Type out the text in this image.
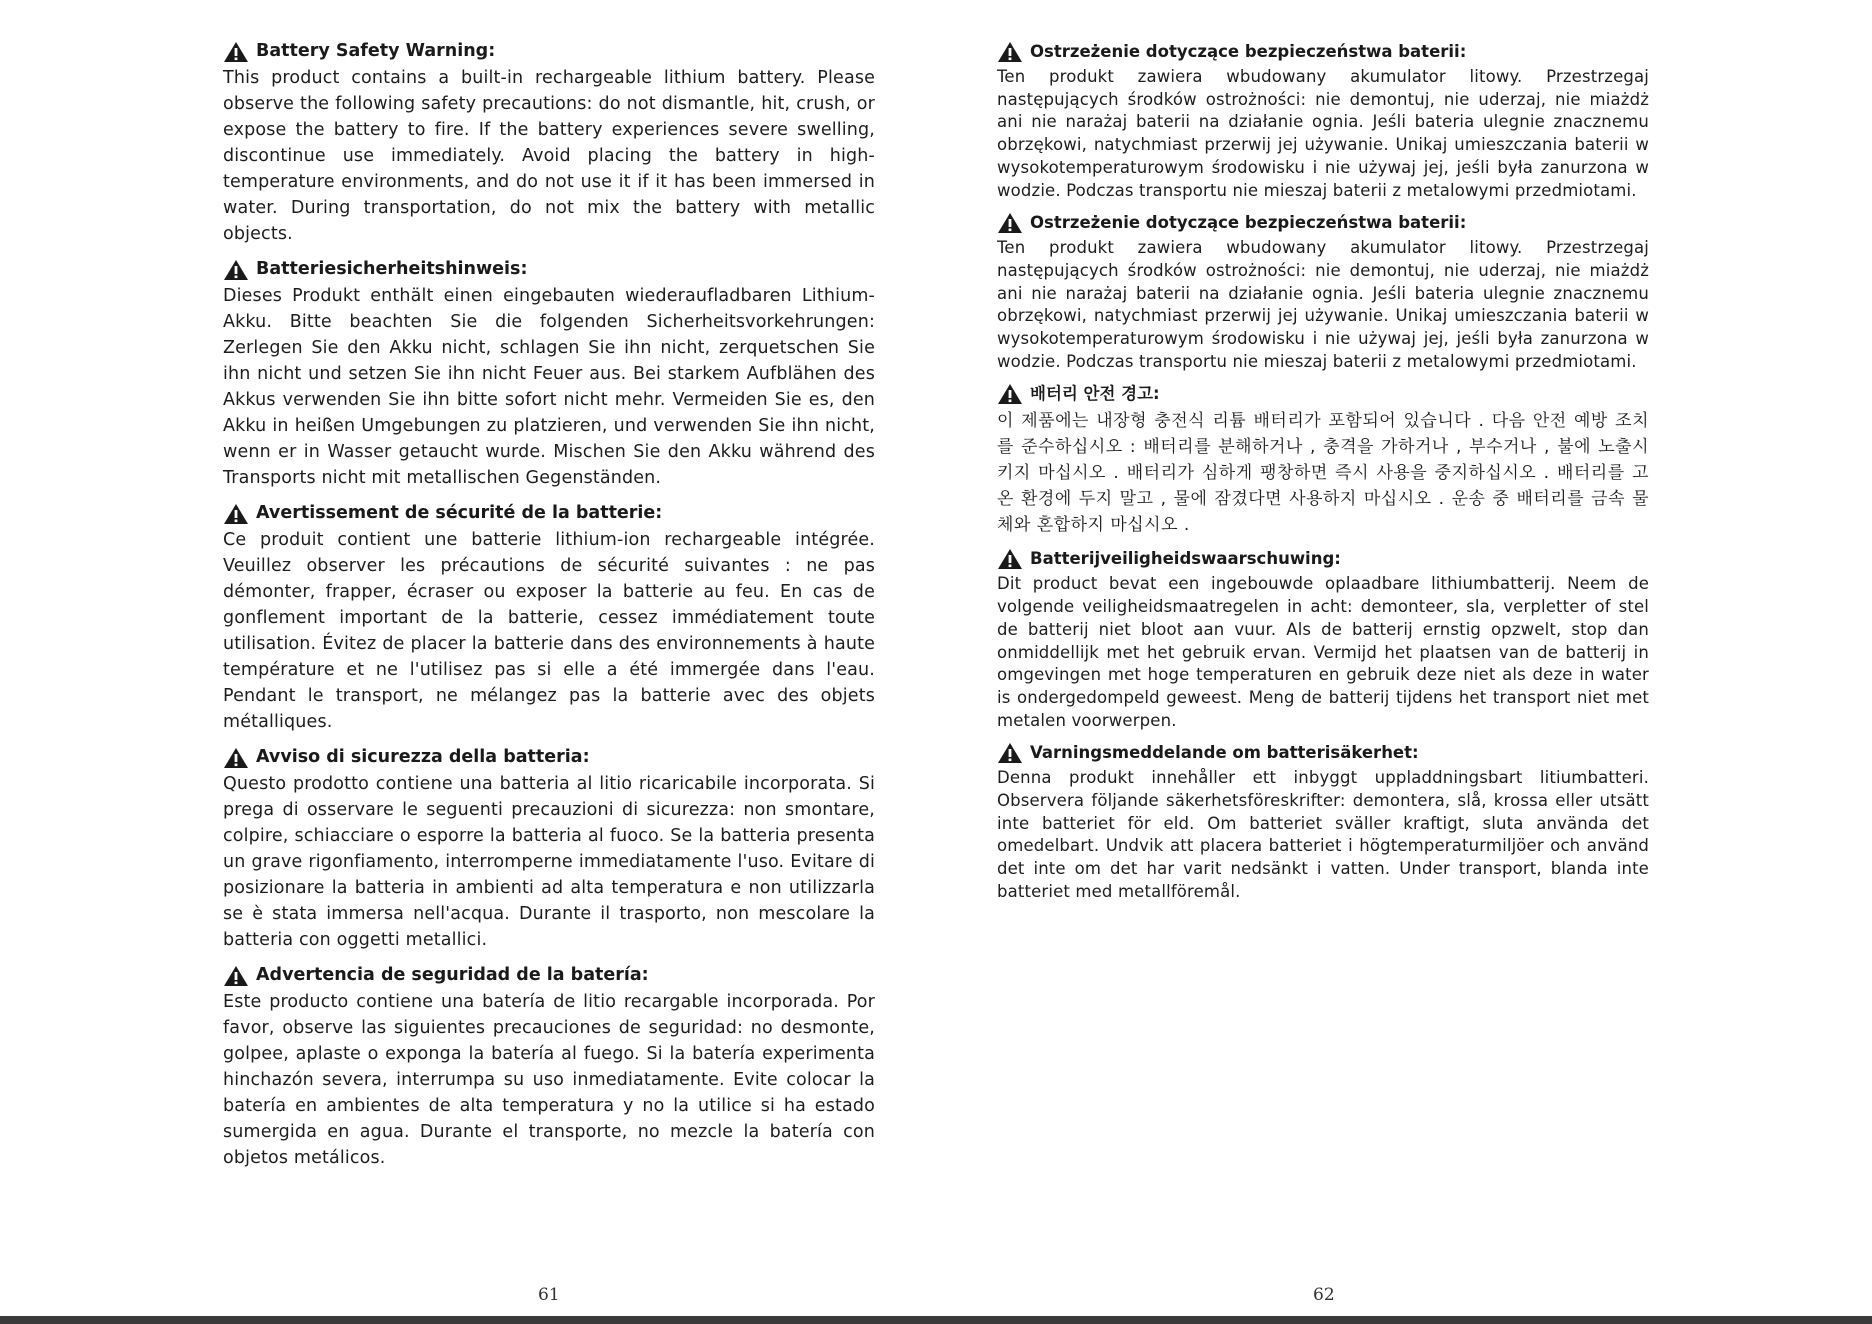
Battery Safety Warning:

This product contains a built-in rechargeable lithium battery. Please observe the following safety precautions: do not dismantle, hit, crush, or expose the battery to fire. If the battery experiences severe swelling, discontinue use immediately. Avoid placing the battery in high-temperature environments, and do not use it if it has been immersed in water. During transportation, do not mix the battery with metallic objects.

Batteriesicherheitshinweis:

Dieses Produkt enthält einen eingebauten wiederaufladbaren Lithium-Akku. Bitte beachten Sie die folgenden Sicherheitsvorkehrungen: Zerlegen Sie den Akku nicht, schlagen Sie ihn nicht, zerquetschen Sie ihn nicht und setzen Sie ihn nicht Feuer aus. Bei starkem Aufblähen des Akkus verwenden Sie ihn bitte sofort nicht mehr. Vermeiden Sie es, den Akku in heißen Umgebungen zu platzieren, und verwenden Sie ihn nicht, wenn er in Wasser getaucht wurde. Mischen Sie den Akku während des Transports nicht mit metallischen Gegenständen.

Avertissement de sécurité de la batterie:

Ce produit contient une batterie lithium-ion rechargeable intégrée. Veuillez observer les précautions de sécurité suivantes : ne pas démonter, frapper, écraser ou exposer la batterie au feu. En cas de gonflement important de la batterie, cessez immédiatement toute utilisation. Évitez de placer la batterie dans des environnements à haute température et ne l'utilisez pas si elle a été immergée dans l'eau. Pendant le transport, ne mélangez pas la batterie avec des objets métalliques.

Avviso di sicurezza della batteria:

Questo prodotto contiene una batteria al litio ricaricabile incorporata. Si prega di osservare le seguenti precauzioni di sicurezza: non smontare, colpire, schiacciare o esporre la batteria al fuoco. Se la batteria presenta un grave rigonfiamento, interromperne immediatamente l'uso. Evitare di posizionare la batteria in ambienti ad alta temperatura e non utilizzarla se è stata immersa nell'acqua. Durante il trasporto, non mescolare la batteria con oggetti metallici.

Advertencia de seguridad de la batería:

Este producto contiene una batería de litio recargable incorporada. Por favor, observe las siguientes precauciones de seguridad: no desmonte, golpee, aplaste o exponga la batería al fuego. Si la batería experimenta hinchazón severa, interrumpa su uso inmediatamente. Evite colocar la batería en ambientes de alta temperatura y no la utilice si ha estado sumergida en agua. Durante el transporte, no mezcle la batería con objetos metálicos.

Ostrzeżenie dotyczące bezpieczeństwa baterii:

Ten produkt zawiera wbudowany akumulator litowy. Przestrzegaj następujących środków ostrożności: nie demontuj, nie uderzaj, nie miażdż ani nie narażaj baterii na działanie ognia. Jeśli bateria ulegnie znacznemu obrzękowi, natychmiast przerwij jej używanie. Unikaj umieszczania baterii w wysokotemperaturowym środowisku i nie używaj jej, jeśli była zanurzona w wodzie. Podczas transportu nie mieszaj baterii z metalowymi przedmiotami.

Ostrzeżenie dotyczące bezpieczeństwa baterii:

Ten produkt zawiera wbudowany akumulator litowy. Przestrzegaj następujących środków ostrożności: nie demontuj, nie uderzaj, nie miażdż ani nie narażaj baterii na działanie ognia. Jeśli bateria ulegnie znacznemu obrzękowi, natychmiast przerwij jej używanie. Unikaj umieszczania baterii w wysokotemperaturowym środowisku i nie używaj jej, jeśli była zanurzona w wodzie. Podczas transportu nie mieszaj baterii z metalowymi przedmiotami.

배터리 안전 경고:

이 제품에는 내장형 충전식 리튬 배터리가 포함되어 있습니다 . 다음 안전 예방 조치를 준수하십시오 : 배터리를 분해하거나 , 충격을 가하거나 , 부수거나 , 불에 노출시키지 마십시오 . 배터리가 심하게 팽창하면 즉시 사용을 중지하십시오 . 배터리를 고온 환경에 두지 말고 , 물에 잠겼다면 사용하지 마십시오 . 운송 중 배터리를 금속 물체와 혼합하지 마십시오 .

Batterijveiligheidswaarschuwing:

Dit product bevat een ingebouwde oplaadbare lithiumbatterij. Neem de volgende veiligheidsmaatregelen in acht: demonteer, sla, verpletter of stel de batterij niet bloot aan vuur. Als de batterij ernstig opzwelt, stop dan onmiddellijk met het gebruik ervan. Vermijd het plaatsen van de batterij in omgevingen met hoge temperaturen en gebruik deze niet als deze in water is ondergedompeld geweest. Meng de batterij tijdens het transport niet met metalen voorwerpen.

Varningsmeddelande om batterisäkerhet:

Denna produkt innehåller ett inbyggt uppladdningsbart litiumbatteri. Observera följande säkerhetsföreskrifter: demontera, slå, krossa eller utsätt inte batteriet för eld. Om batteriet sväller kraftigt, sluta använda det omedelbart. Undvik att placera batteriet i högtemperaturmiljöer och använd det inte om det har varit nedsänkt i vatten. Under transport, blanda inte batteriet med metallföremål.

61	62
